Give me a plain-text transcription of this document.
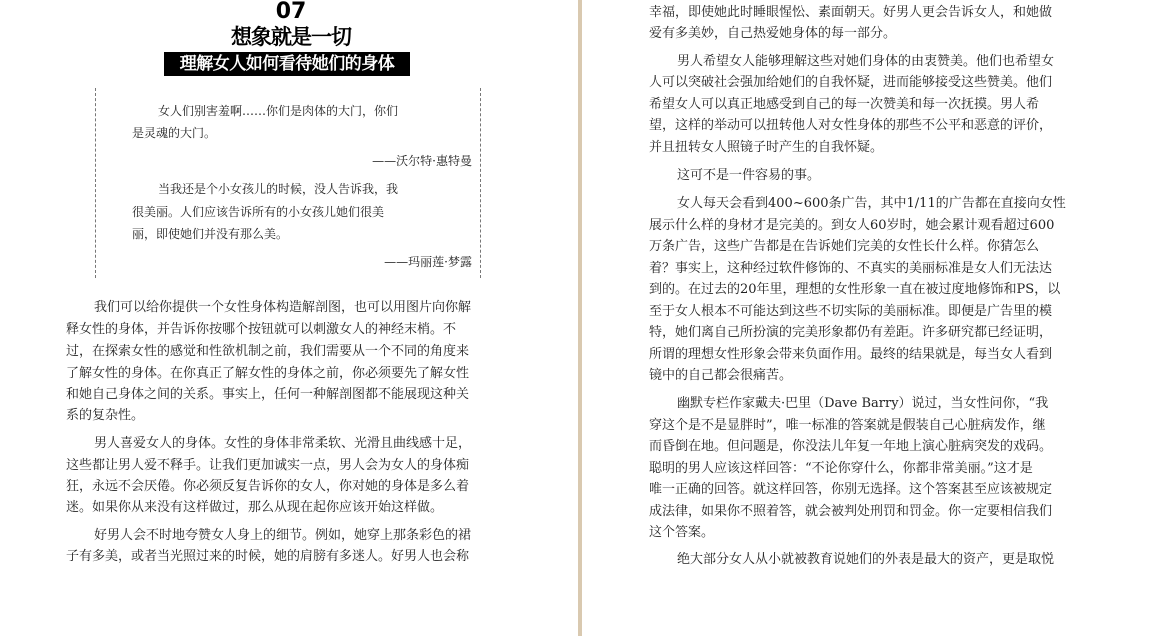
07
想象就是一切
理解女人如何看待她们的身体
女人们别害羞啊……你们是肉体的大门，你们
是灵魂的大门。
——沃尔特·惠特曼
当我还是个小女孩儿的时候，没人告诉我，我
很美丽。人们应该告诉所有的小女孩儿她们很美
丽，即使她们并没有那么美。
——玛丽莲·梦露
我们可以给你提供一个女性身体构造解剖图，也可以用图片向你解
释女性的身体，并告诉你按哪个按钮就可以刺激女人的神经末梢。不
过，在探索女性的感觉和性欲机制之前，我们需要从一个不同的角度来
了解女性的身体。在你真正了解女性的身体之前，你必须要先了解女性
和她自己身体之间的关系。事实上，任何一种解剖图都不能展现这种关
系的复杂性。
男人喜爱女人的身体。女性的身体非常柔软、光滑且曲线感十足，
这些都让男人爱不释手。让我们更加诚实一点，男人会为女人的身体痴
狂，永远不会厌倦。你必须反复告诉你的女人，你对她的身体是多么着
迷。如果你从来没有这样做过，那么从现在起你应该开始这样做。
好男人会不时地夸赞女人身上的细节。例如，她穿上那条彩色的裙
子有多美，或者当光照过来的时候，她的肩膀有多迷人。好男人也会称
幸福，即使她此时睡眼惺忪、素面朝天。好男人更会告诉女人，和她做
爱有多美妙，自己热爱她身体的每一部分。
男人希望女人能够理解这些对她们身体的由衷赞美。他们也希望女
人可以突破社会强加给她们的自我怀疑，进而能够接受这些赞美。他们
希望女人可以真正地感受到自己的每一次赞美和每一次抚摸。男人希
望，这样的举动可以扭转他人对女性身体的那些不公平和恶意的评价，
并且扭转女人照镜子时产生的自我怀疑。
这可不是一件容易的事。
女人每天会看到400~600条广告，其中1/11的广告都在直接向女性
展示什么样的身材才是完美的。到女人60岁时，她会累计观看超过600
万条广告，这些广告都是在告诉她们完美的女性长什么样。你猜怎么
着？事实上，这种经过软件修饰的、不真实的美丽标准是女人们无法达
到的。在过去的20年里，理想的女性形象一直在被过度地修饰和PS，以
至于女人根本不可能达到这些不切实际的美丽标准。即便是广告里的模
特，她们离自己所扮演的完美形象都仍有差距。许多研究都已经证明，
所谓的理想女性形象会带来负面作用。最终的结果就是，每当女人看到
镜中的自己都会很痛苦。
幽默专栏作家戴夫·巴里（Dave Barry）说过，当女性问你，“我
穿这个是不是显胖时”，唯一标准的答案就是假装自己心脏病发作，继
而昏倒在地。但问题是，你没法儿年复一年地上演心脏病突发的戏码。
聪明的男人应该这样回答：“不论你穿什么，你都非常美丽。”这才是
唯一正确的回答。就这样回答，你别无选择。这个答案甚至应该被规定
成法律，如果你不照着答，就会被判处刑罚和罚金。你一定要相信我们
这个答案。
绝大部分女人从小就被教育说她们的外表是最大的资产，更是取悦
